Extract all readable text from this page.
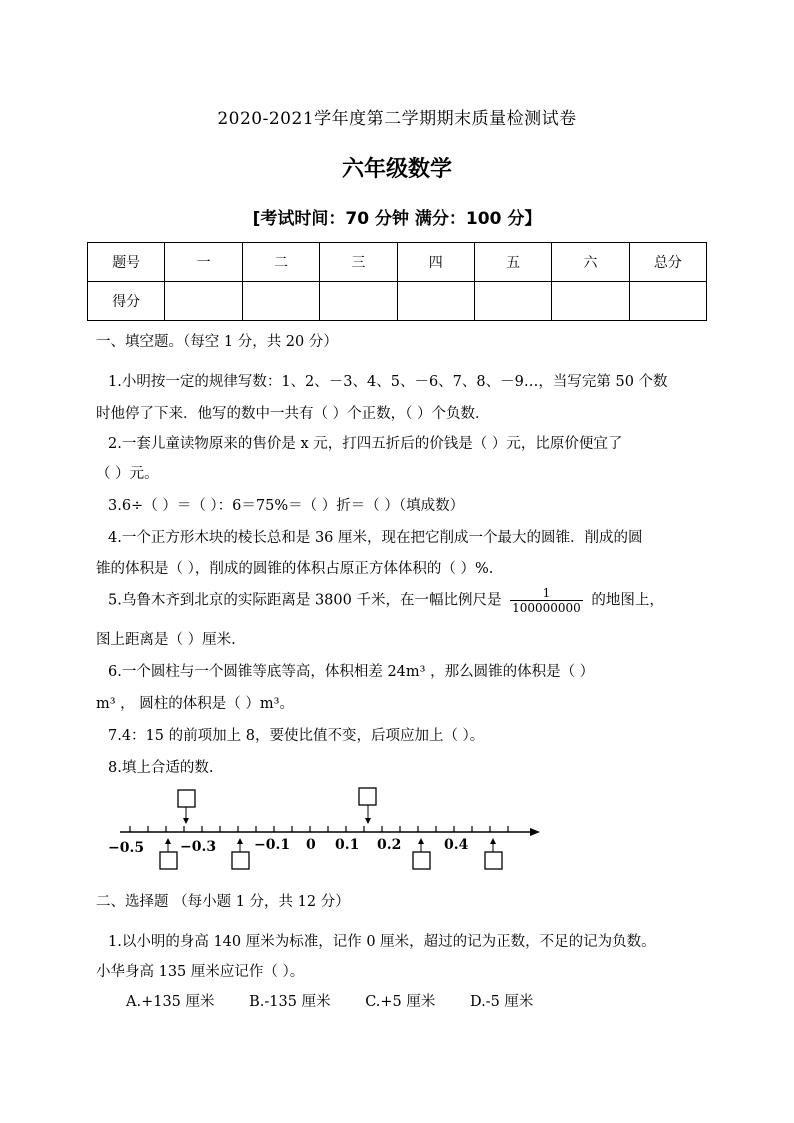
2020-2021学年度第二学期期末质量检测试卷
六年级数学
[考试时间：70 分钟 满分：100 分】
题号	一	二	三	四	五	六	总分
得分							
一、填空题。（每空 1 分，共 20 分）
1.小明按一定的规律写数：1、2、－3、4、5、－6、7、8、－9…，当写完第 50 个数
时他停了下来．他写的数中一共有（ ）个正数，（ ）个负数．
2.一套儿童读物原来的售价是 x 元，打四五折后的价钱是（ ）元，比原价便宜了
（ ）元。
3.6÷（ ）＝（ ）：6＝75%＝（ ）折＝（ ）（填成数）
4.一个正方形木块的棱长总和是 36 厘米，现在把它削成一个最大的圆锥．削成的圆
锥的体积是（ ），削成的圆锥的体积占原正方体体积的（ ）%.
5.乌鲁木齐到北京的实际距离是 3800 千米，在一幅比例尺是 $\frac{1}{100000000}$ 的地图上，
图上距离是（ ）厘米.
6.一个圆柱与一个圆锥等底等高，体积相差 24m³ ，那么圆锥的体积是（ ）
m³ ， 圆柱的体积是（ ）m³。
7.4：15 的前项加上 8，要使比值不变，后项应加上（ ）。
8.填上合适的数.
−0.5	−0.3	−0.1 0 0.1 0.2	0.4
二、选择题 （每小题 1 分，共 12 分）
1.以小明的身高 140 厘米为标准，记作 0 厘米，超过的记为正数，不足的记为负数。
小华身高 135 厘米应记作（ ）。
A.+135 厘米 B.-135 厘米 C.+5 厘米 D.-5 厘米
